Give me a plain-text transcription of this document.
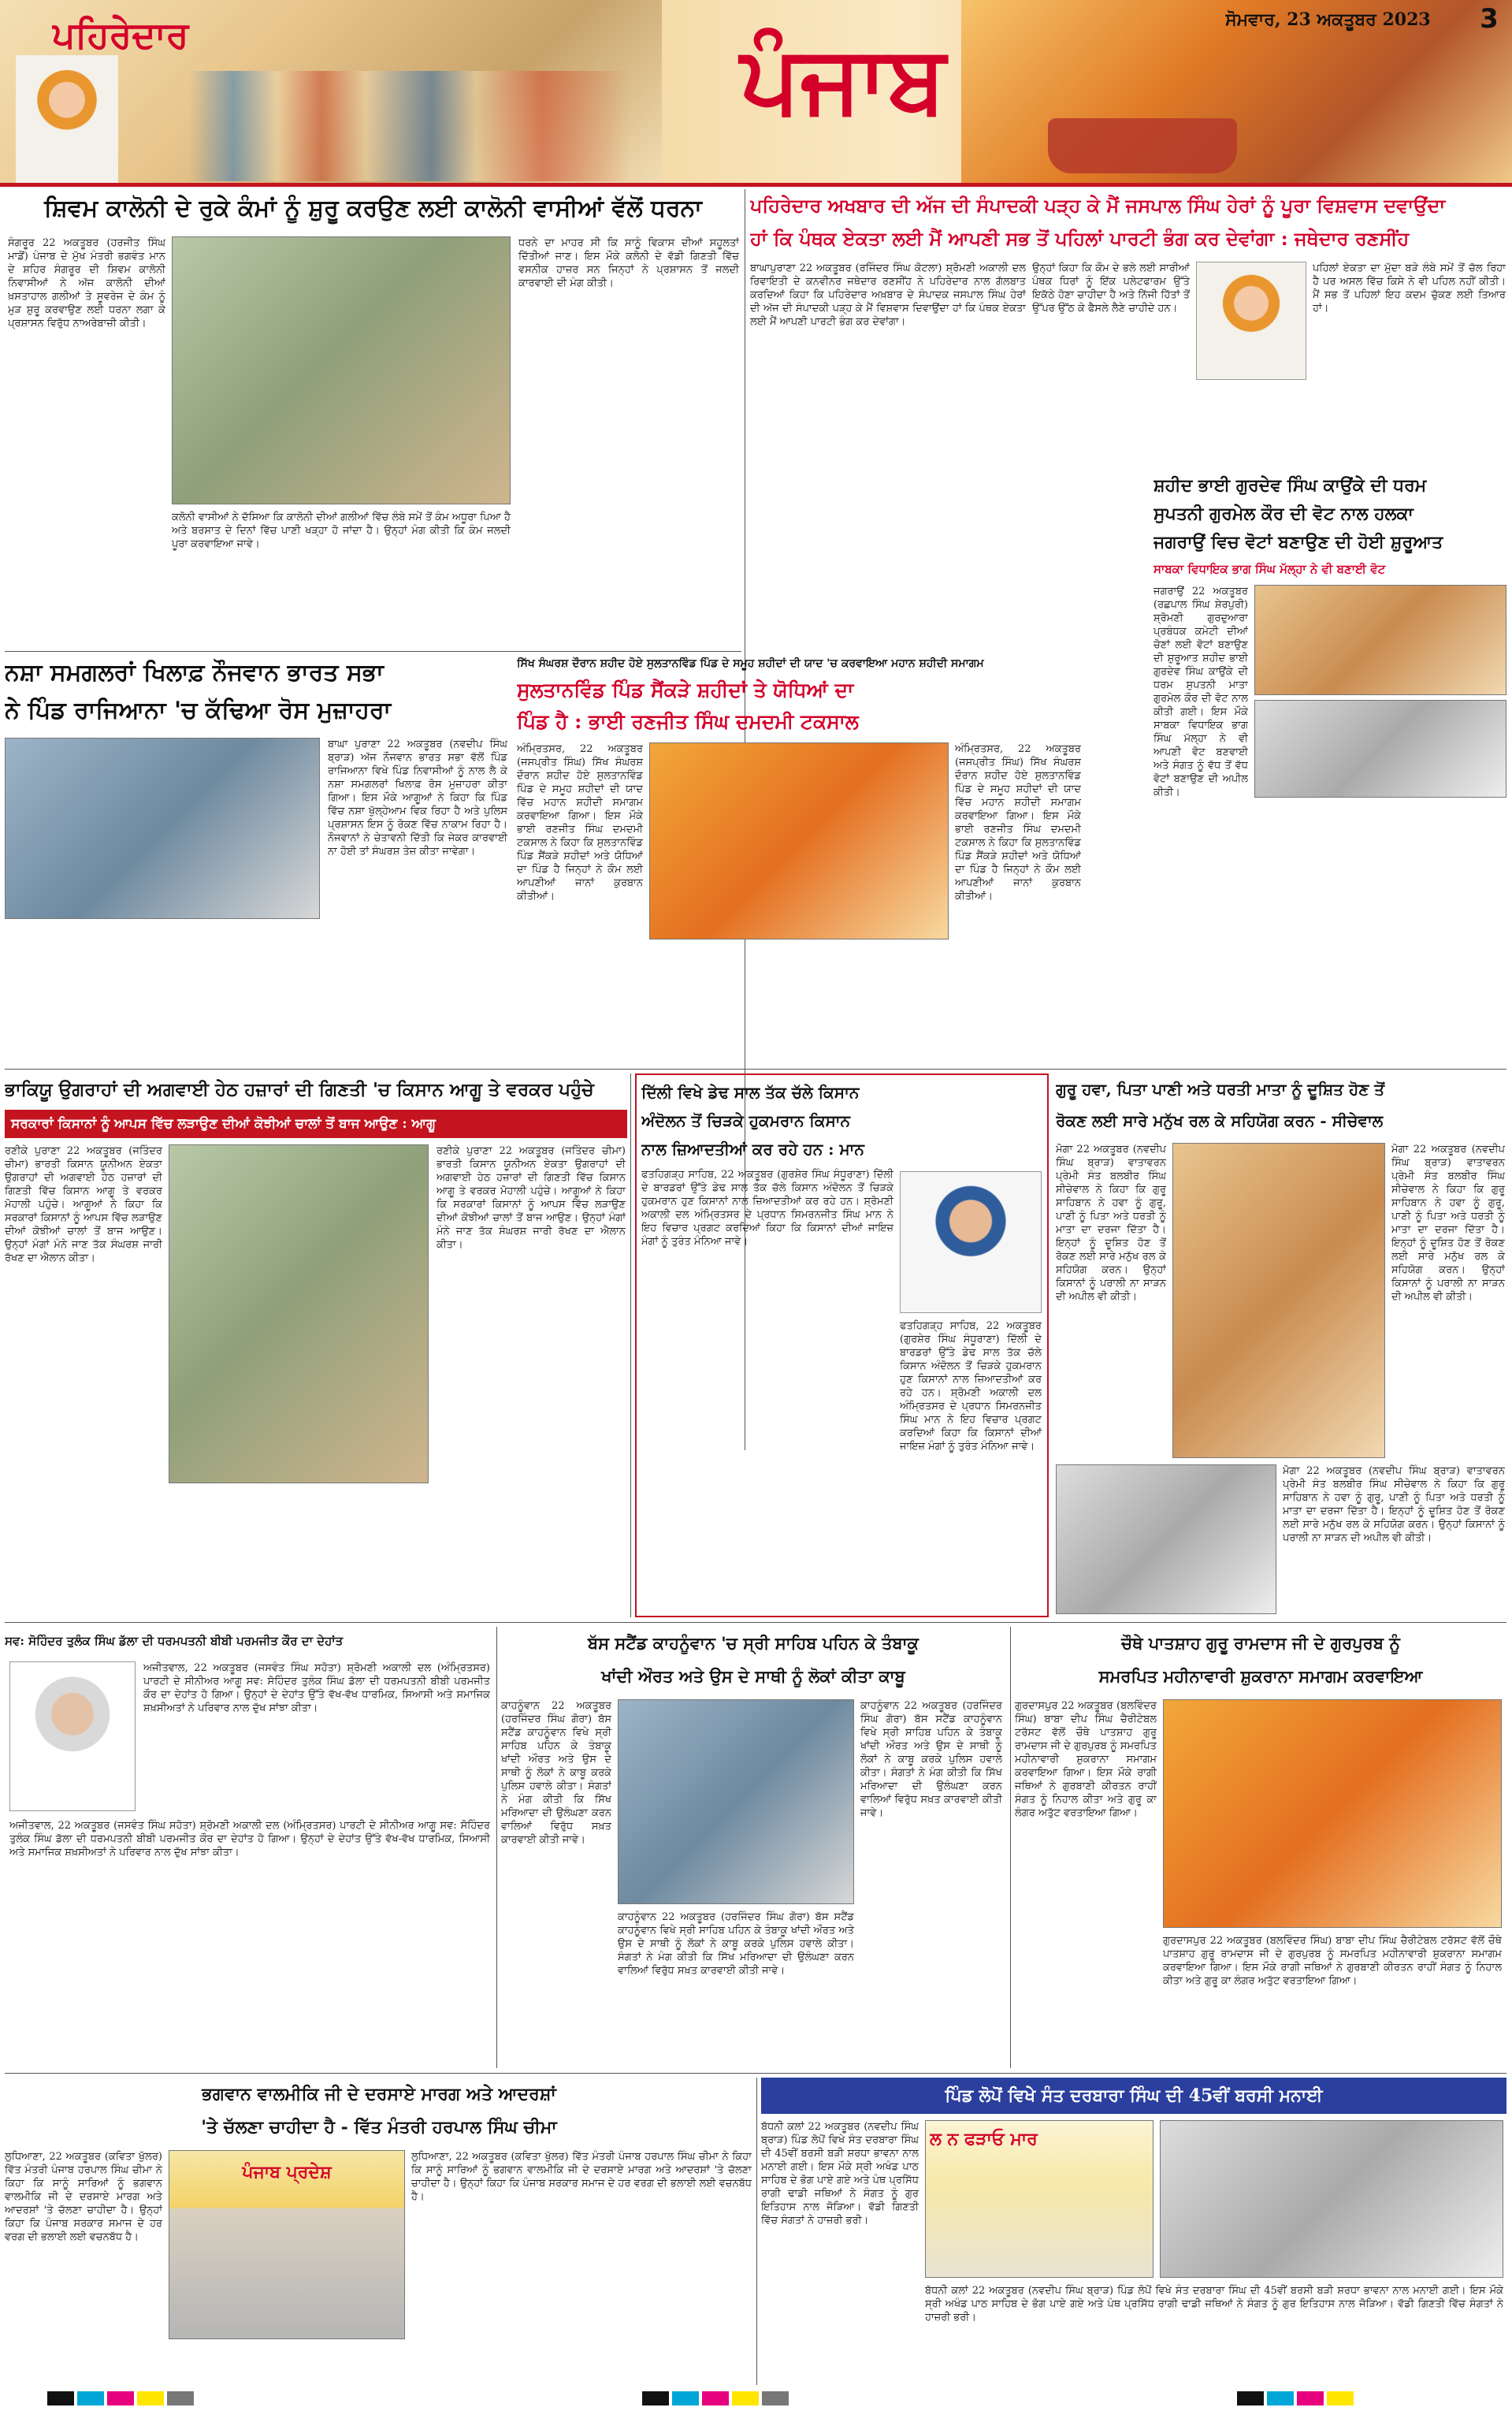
ਪਹਿਰੇਦਾਰ	ਪੰਜਾਬ
ਸੋਮਵਾਰ, 23 ਅਕਤੂਬਰ 2023	3
ਸ਼ਿਵਮ ਕਾਲੋਨੀ ਦੇ ਰੁਕੇ ਕੰਮਾਂ ਨੂੰ ਸ਼ੁਰੂ ਕਰਉਣ ਲਈ ਕਾਲੋਨੀ ਵਾਸੀਆਂ ਵੱਲੋਂ ਧਰਨਾ
ਸੰਗਰੂਰ 22 ਅਕਤੂਬਰ (ਹਰਜੀਤ ਸਿੰਘ ਮਾਡੋਂ) ਪੰਜਾਬ ਦੇ ਮੁੱਖ ਮੰਤਰੀ ਭਗਵੰਤ ਮਾਨ ਦੇ ਸ਼ਹਿਰ ਸੰਗਰੂਰ ਦੀ ਸ਼ਿਵਮ ਕਾਲੋਨੀ ਨਿਵਾਸੀਆਂ ਨੇ ਅੱਜ ਕਾਲੋਨੀ ਦੀਆਂ ਖ਼ਸਤਾਹਾਲ ਗਲੀਆਂ ਤੇ ਸੂਵਰੇਜ ਦੇ ਕੰਮ ਨੂੰ ਮੁੜ ਸ਼ੁਰੂ ਕਰਵਾਉਣ ਲਈ ਧਰਨਾ ਲਗਾ ਕੇ ਪ੍ਰਸ਼ਾਸਨ ਵਿਰੁੱਧ ਨਾਅਰੇਬਾਜ਼ੀ ਕੀਤੀ।
ਕਲੋਨੀ ਵਾਸੀਆਂ ਨੇ ਦੱਸਿਆ ਕਿ ਕਾਲੋਨੀ ਦੀਆਂ ਗਲੀਆਂ ਵਿੱਚ ਲੰਬੇ ਸਮੇਂ ਤੋਂ ਕੰਮ ਅਧੂਰਾ ਪਿਆ ਹੈ ਅਤੇ ਬਰਸਾਤ ਦੇ ਦਿਨਾਂ ਵਿੱਚ ਪਾਣੀ ਖੜ੍ਹਾ ਹੋ ਜਾਂਦਾ ਹੈ। ਉਨ੍ਹਾਂ ਮੰਗ ਕੀਤੀ ਕਿ ਕੰਮ ਜਲਦੀ ਪੂਰਾ ਕਰਵਾਇਆ ਜਾਵੇ।
ਧਰਨੇ ਦਾ ਮਾਹਰ ਸੀ ਕਿ ਸਾਨੂੰ ਵਿਕਾਸ ਦੀਆਂ ਸਹੂਲਤਾਂ ਦਿੱਤੀਆਂ ਜਾਣ। ਇਸ ਮੌਕੇ ਕਲੋਨੀ ਦੇ ਵੱਡੀ ਗਿਣਤੀ ਵਿੱਚ ਵਸਨੀਕ ਹਾਜ਼ਰ ਸਨ ਜਿਨ੍ਹਾਂ ਨੇ ਪ੍ਰਸ਼ਾਸਨ ਤੋਂ ਜਲਦੀ ਕਾਰਵਾਈ ਦੀ ਮੰਗ ਕੀਤੀ।
ਪਹਿਰੇਦਾਰ ਅਖਬਾਰ ਦੀ ਅੱਜ ਦੀ ਸੰਪਾਦਕੀ ਪੜ੍ਹ ਕੇ ਮੈਂ ਜਸਪਾਲ ਸਿੰਘ ਹੇਰਾਂ ਨੂੰ ਪੂਰਾ ਵਿਸ਼ਵਾਸ ਦਵਾਉਂਦਾ
ਹਾਂ ਕਿ ਪੰਥਕ ਏਕਤਾ ਲਈ ਮੈਂ ਆਪਣੀ ਸਭ ਤੋਂ ਪਹਿਲਾਂ ਪਾਰਟੀ ਭੰਗ ਕਰ ਦੇਵਾਂਗਾ : ਜਥੇਦਾਰ ਰਣਸੀਂਹ
ਬਾਘਾਪੁਰਾਣਾ 22 ਅਕਤੂਬਰ (ਰਜਿੰਦਰ ਸਿੰਘ ਕੋਟਲਾ) ਸ਼੍ਰੋਮਣੀ ਅਕਾਲੀ ਦਲ ਰਿਵਾਇਤੀ ਦੇ ਕਨਵੀਨਰ ਜਥੇਦਾਰ ਰਣਸੀਂਹ ਨੇ ਪਹਿਰੇਦਾਰ ਨਾਲ ਗੱਲਬਾਤ ਕਰਦਿਆਂ ਕਿਹਾ ਕਿ ਪਹਿਰੇਦਾਰ ਅਖ਼ਬਾਰ ਦੇ ਸੰਪਾਦਕ ਜਸਪਾਲ ਸਿੰਘ ਹੇਰਾਂ ਦੀ ਅੱਜ ਦੀ ਸੰਪਾਦਕੀ ਪੜ੍ਹ ਕੇ ਮੈਂ ਵਿਸ਼ਵਾਸ ਦਿਵਾਉਂਦਾ ਹਾਂ ਕਿ ਪੰਥਕ ਏਕਤਾ ਲਈ ਮੈਂ ਆਪਣੀ ਪਾਰਟੀ ਭੰਗ ਕਰ ਦੇਵਾਂਗਾ।
ਉਨ੍ਹਾਂ ਕਿਹਾ ਕਿ ਕੌਮ ਦੇ ਭਲੇ ਲਈ ਸਾਰੀਆਂ ਪੰਥਕ ਧਿਰਾਂ ਨੂੰ ਇੱਕ ਪਲੇਟਫਾਰਮ ਉੱਤੇ ਇਕੱਠੇ ਹੋਣਾ ਚਾਹੀਦਾ ਹੈ ਅਤੇ ਨਿੱਜੀ ਹਿੱਤਾਂ ਤੋਂ ਉੱਪਰ ਉੱਠ ਕੇ ਫੈਸਲੇ ਲੈਣੇ ਚਾਹੀਦੇ ਹਨ।
ਪਹਿਲਾਂ ਏਕਤਾ ਦਾ ਮੁੱਦਾ ਬੜੇ ਲੰਬੇ ਸਮੇਂ ਤੋਂ ਚੱਲ ਰਿਹਾ ਹੈ ਪਰ ਅਸਲ ਵਿੱਚ ਕਿਸੇ ਨੇ ਵੀ ਪਹਿਲ ਨਹੀਂ ਕੀਤੀ। ਮੈਂ ਸਭ ਤੋਂ ਪਹਿਲਾਂ ਇਹ ਕਦਮ ਚੁੱਕਣ ਲਈ ਤਿਆਰ ਹਾਂ।
ਸ਼ਹੀਦ ਭਾਈ ਗੁਰਦੇਵ ਸਿੰਘ ਕਾਉਂਕੇ ਦੀ ਧਰਮ
ਸੁਪਤਨੀ ਗੁਰਮੇਲ ਕੌਰ ਦੀ ਵੋਟ ਨਾਲ ਹਲਕਾ
ਜਗਰਾਉਂ ਵਿਚ ਵੋਟਾਂ ਬਣਾਉਣ ਦੀ ਹੋਈ ਸ਼ੁਰੂਆਤ
ਸਾਬਕਾ ਵਿਧਾਇਕ ਭਾਗ ਸਿੰਘ ਮੱਲ੍ਹਾ ਨੇ ਵੀ ਬਣਾਈ ਵੋਟ
ਜਗਰਾਉਂ 22 ਅਕਤੂਬਰ (ਰਛਪਾਲ ਸਿੰਘ ਸ਼ੇਰਪੁਰੀ) ਸ਼੍ਰੋਮਣੀ ਗੁਰਦੁਆਰਾ ਪ੍ਰਬੰਧਕ ਕਮੇਟੀ ਦੀਆਂ ਚੋਣਾਂ ਲਈ ਵੋਟਾਂ ਬਣਾਉਣ ਦੀ ਸ਼ੁਰੂਆਤ ਸ਼ਹੀਦ ਭਾਈ ਗੁਰਦੇਵ ਸਿੰਘ ਕਾਉਂਕੇ ਦੀ ਧਰਮ ਸੁਪਤਨੀ ਮਾਤਾ ਗੁਰਮੇਲ ਕੌਰ ਦੀ ਵੋਟ ਨਾਲ ਕੀਤੀ ਗਈ। ਇਸ ਮੌਕੇ ਸਾਬਕਾ ਵਿਧਾਇਕ ਭਾਗ ਸਿੰਘ ਮੱਲ੍ਹਾ ਨੇ ਵੀ ਆਪਣੀ ਵੋਟ ਬਣਵਾਈ ਅਤੇ ਸੰਗਤ ਨੂੰ ਵੱਧ ਤੋਂ ਵੱਧ ਵੋਟਾਂ ਬਣਾਉਣ ਦੀ ਅਪੀਲ ਕੀਤੀ।
ਨਸ਼ਾ ਸਮਗਲਰਾਂ ਖਿਲਾਫ਼ ਨੌਜਵਾਨ ਭਾਰਤ ਸਭਾ
ਨੇ ਪਿੰਡ ਰਾਜਿਆਨਾ 'ਚ ਕੱਢਿਆ ਰੋਸ ਮੁਜ਼ਾਹਰਾ
ਬਾਘਾ ਪੁਰਾਣਾ 22 ਅਕਤੂਬਰ (ਨਵਦੀਪ ਸਿੰਘ ਬ੍ਰਾੜ) ਅੱਜ ਨੌਜਵਾਨ ਭਾਰਤ ਸਭਾ ਵੱਲੋਂ ਪਿੰਡ ਰਾਜਿਆਨਾ ਵਿਖੇ ਪਿੰਡ ਨਿਵਾਸੀਆਂ ਨੂੰ ਨਾਲ ਲੈ ਕੇ ਨਸ਼ਾ ਸਮਗਲਰਾਂ ਖਿਲਾਫ਼ ਰੋਸ ਮੁਜ਼ਾਹਰਾ ਕੀਤਾ ਗਿਆ। ਇਸ ਮੌਕੇ ਆਗੂਆਂ ਨੇ ਕਿਹਾ ਕਿ ਪਿੰਡ ਵਿੱਚ ਨਸ਼ਾ ਖੁੱਲ੍ਹੇਆਮ ਵਿਕ ਰਿਹਾ ਹੈ ਅਤੇ ਪੁਲਿਸ ਪ੍ਰਸ਼ਾਸਨ ਇਸ ਨੂੰ ਰੋਕਣ ਵਿੱਚ ਨਾਕਾਮ ਰਿਹਾ ਹੈ। ਨੌਜਵਾਨਾਂ ਨੇ ਚੇਤਾਵਨੀ ਦਿੱਤੀ ਕਿ ਜੇਕਰ ਕਾਰਵਾਈ ਨਾ ਹੋਈ ਤਾਂ ਸੰਘਰਸ਼ ਤੇਜ਼ ਕੀਤਾ ਜਾਵੇਗਾ।
ਸਿੱਖ ਸੰਘਰਸ਼ ਦੌਰਾਨ ਸ਼ਹੀਦ ਹੋਏ ਸੁਲਤਾਨਵਿੰਡ ਪਿੰਡ ਦੇ ਸਮੂਹ ਸ਼ਹੀਦਾਂ ਦੀ ਯਾਦ 'ਚ ਕਰਵਾਇਆ ਮਹਾਨ ਸ਼ਹੀਦੀ ਸਮਾਗਮ
ਸੁਲਤਾਨਵਿੰਡ ਪਿੰਡ ਸੈਂਕੜੇ ਸ਼ਹੀਦਾਂ ਤੇ ਯੋਧਿਆਂ ਦਾ
ਪਿੰਡ ਹੈ : ਭਾਈ ਰਣਜੀਤ ਸਿੰਘ ਦਮਦਮੀ ਟਕਸਾਲ
ਅੰਮ੍ਰਿਤਸਰ, 22 ਅਕਤੂਬਰ (ਜਸਪ੍ਰੀਤ ਸਿੰਘ) ਸਿੱਖ ਸੰਘਰਸ਼ ਦੌਰਾਨ ਸ਼ਹੀਦ ਹੋਏ ਸੁਲਤਾਨਵਿੰਡ ਪਿੰਡ ਦੇ ਸਮੂਹ ਸ਼ਹੀਦਾਂ ਦੀ ਯਾਦ ਵਿੱਚ ਮਹਾਨ ਸ਼ਹੀਦੀ ਸਮਾਗਮ ਕਰਵਾਇਆ ਗਿਆ। ਇਸ ਮੌਕੇ ਭਾਈ ਰਣਜੀਤ ਸਿੰਘ ਦਮਦਮੀ ਟਕਸਾਲ ਨੇ ਕਿਹਾ ਕਿ ਸੁਲਤਾਨਵਿੰਡ ਪਿੰਡ ਸੈਂਕੜੇ ਸ਼ਹੀਦਾਂ ਅਤੇ ਯੋਧਿਆਂ ਦਾ ਪਿੰਡ ਹੈ ਜਿਨ੍ਹਾਂ ਨੇ ਕੌਮ ਲਈ ਆਪਣੀਆਂ ਜਾਨਾਂ ਕੁਰਬਾਨ ਕੀਤੀਆਂ।
ਅੰਮ੍ਰਿਤਸਰ, 22 ਅਕਤੂਬਰ (ਜਸਪ੍ਰੀਤ ਸਿੰਘ) ਸਿੱਖ ਸੰਘਰਸ਼ ਦੌਰਾਨ ਸ਼ਹੀਦ ਹੋਏ ਸੁਲਤਾਨਵਿੰਡ ਪਿੰਡ ਦੇ ਸਮੂਹ ਸ਼ਹੀਦਾਂ ਦੀ ਯਾਦ ਵਿੱਚ ਮਹਾਨ ਸ਼ਹੀਦੀ ਸਮਾਗਮ ਕਰਵਾਇਆ ਗਿਆ। ਇਸ ਮੌਕੇ ਭਾਈ ਰਣਜੀਤ ਸਿੰਘ ਦਮਦਮੀ ਟਕਸਾਲ ਨੇ ਕਿਹਾ ਕਿ ਸੁਲਤਾਨਵਿੰਡ ਪਿੰਡ ਸੈਂਕੜੇ ਸ਼ਹੀਦਾਂ ਅਤੇ ਯੋਧਿਆਂ ਦਾ ਪਿੰਡ ਹੈ ਜਿਨ੍ਹਾਂ ਨੇ ਕੌਮ ਲਈ ਆਪਣੀਆਂ ਜਾਨਾਂ ਕੁਰਬਾਨ ਕੀਤੀਆਂ।
ਭਾਕਿਯੂ ਉਗਰਾਹਾਂ ਦੀ ਅਗਵਾਈ ਹੇਠ ਹਜ਼ਾਰਾਂ ਦੀ ਗਿਣਤੀ 'ਚ ਕਿਸਾਨ ਆਗੂ ਤੇ ਵਰਕਰ ਪਹੁੰਚੇ
ਸਰਕਾਰਾਂ ਕਿਸਾਨਾਂ ਨੂੰ ਆਪਸ ਵਿੱਚ ਲੜਾਉਣ ਦੀਆਂ ਕੋਝੀਆਂ ਚਾਲਾਂ ਤੋਂ ਬਾਜ ਆਉਣ : ਆਗੂ
ਰਣੀਕੇ ਪੁਰਾਣਾ 22 ਅਕਤੂਬਰ (ਜਤਿੰਦਰ ਚੀਮਾ) ਭਾਰਤੀ ਕਿਸਾਨ ਯੂਨੀਅਨ ਏਕਤਾ ਉਗਰਾਹਾਂ ਦੀ ਅਗਵਾਈ ਹੇਠ ਹਜ਼ਾਰਾਂ ਦੀ ਗਿਣਤੀ ਵਿੱਚ ਕਿਸਾਨ ਆਗੂ ਤੇ ਵਰਕਰ ਮੋਹਾਲੀ ਪਹੁੰਚੇ। ਆਗੂਆਂ ਨੇ ਕਿਹਾ ਕਿ ਸਰਕਾਰਾਂ ਕਿਸਾਨਾਂ ਨੂੰ ਆਪਸ ਵਿੱਚ ਲੜਾਉਣ ਦੀਆਂ ਕੋਝੀਆਂ ਚਾਲਾਂ ਤੋਂ ਬਾਜ ਆਉਣ। ਉਨ੍ਹਾਂ ਮੰਗਾਂ ਮੰਨੇ ਜਾਣ ਤੱਕ ਸੰਘਰਸ਼ ਜਾਰੀ ਰੱਖਣ ਦਾ ਐਲਾਨ ਕੀਤਾ।
ਰਣੀਕੇ ਪੁਰਾਣਾ 22 ਅਕਤੂਬਰ (ਜਤਿੰਦਰ ਚੀਮਾ) ਭਾਰਤੀ ਕਿਸਾਨ ਯੂਨੀਅਨ ਏਕਤਾ ਉਗਰਾਹਾਂ ਦੀ ਅਗਵਾਈ ਹੇਠ ਹਜ਼ਾਰਾਂ ਦੀ ਗਿਣਤੀ ਵਿੱਚ ਕਿਸਾਨ ਆਗੂ ਤੇ ਵਰਕਰ ਮੋਹਾਲੀ ਪਹੁੰਚੇ। ਆਗੂਆਂ ਨੇ ਕਿਹਾ ਕਿ ਸਰਕਾਰਾਂ ਕਿਸਾਨਾਂ ਨੂੰ ਆਪਸ ਵਿੱਚ ਲੜਾਉਣ ਦੀਆਂ ਕੋਝੀਆਂ ਚਾਲਾਂ ਤੋਂ ਬਾਜ ਆਉਣ। ਉਨ੍ਹਾਂ ਮੰਗਾਂ ਮੰਨੇ ਜਾਣ ਤੱਕ ਸੰਘਰਸ਼ ਜਾਰੀ ਰੱਖਣ ਦਾ ਐਲਾਨ ਕੀਤਾ।
ਦਿੱਲੀ ਵਿਖੇ ਡੇਢ ਸਾਲ ਤੱਕ ਚੱਲੇ ਕਿਸਾਨ
ਅੰਦੋਲਨ ਤੋਂ ਚਿੜਕੇ ਹੁਕਮਰਾਨ ਕਿਸਾਨ
ਨਾਲ ਜ਼ਿਆਦਤੀਆਂ ਕਰ ਰਹੇ ਹਨ : ਮਾਨ
ਫਤਹਿਗੜ੍ਹ ਸਾਹਿਬ, 22 ਅਕਤੂਬਰ (ਗੁਰਸ਼ੇਰ ਸਿੰਘ ਸੰਧੂਰਾਣਾ) ਦਿੱਲੀ ਦੇ ਬਾਰਡਰਾਂ ਉੱਤੇ ਡੇਢ ਸਾਲ ਤੱਕ ਚੱਲੇ ਕਿਸਾਨ ਅੰਦੋਲਨ ਤੋਂ ਚਿੜਕੇ ਹੁਕਮਰਾਨ ਹੁਣ ਕਿਸਾਨਾਂ ਨਾਲ ਜ਼ਿਆਦਤੀਆਂ ਕਰ ਰਹੇ ਹਨ। ਸ਼੍ਰੋਮਣੀ ਅਕਾਲੀ ਦਲ ਅੰਮ੍ਰਿਤਸਰ ਦੇ ਪ੍ਰਧਾਨ ਸਿਮਰਨਜੀਤ ਸਿੰਘ ਮਾਨ ਨੇ ਇਹ ਵਿਚਾਰ ਪ੍ਰਗਟ ਕਰਦਿਆਂ ਕਿਹਾ ਕਿ ਕਿਸਾਨਾਂ ਦੀਆਂ ਜਾਇਜ਼ ਮੰਗਾਂ ਨੂੰ ਤੁਰੰਤ ਮੰਨਿਆ ਜਾਵੇ।
ਫਤਹਿਗੜ੍ਹ ਸਾਹਿਬ, 22 ਅਕਤੂਬਰ (ਗੁਰਸ਼ੇਰ ਸਿੰਘ ਸੰਧੂਰਾਣਾ) ਦਿੱਲੀ ਦੇ ਬਾਰਡਰਾਂ ਉੱਤੇ ਡੇਢ ਸਾਲ ਤੱਕ ਚੱਲੇ ਕਿਸਾਨ ਅੰਦੋਲਨ ਤੋਂ ਚਿੜਕੇ ਹੁਕਮਰਾਨ ਹੁਣ ਕਿਸਾਨਾਂ ਨਾਲ ਜ਼ਿਆਦਤੀਆਂ ਕਰ ਰਹੇ ਹਨ। ਸ਼੍ਰੋਮਣੀ ਅਕਾਲੀ ਦਲ ਅੰਮ੍ਰਿਤਸਰ ਦੇ ਪ੍ਰਧਾਨ ਸਿਮਰਨਜੀਤ ਸਿੰਘ ਮਾਨ ਨੇ ਇਹ ਵਿਚਾਰ ਪ੍ਰਗਟ ਕਰਦਿਆਂ ਕਿਹਾ ਕਿ ਕਿਸਾਨਾਂ ਦੀਆਂ ਜਾਇਜ਼ ਮੰਗਾਂ ਨੂੰ ਤੁਰੰਤ ਮੰਨਿਆ ਜਾਵੇ।
ਗੁਰੂ ਹਵਾ, ਪਿਤਾ ਪਾਣੀ ਅਤੇ ਧਰਤੀ ਮਾਤਾ ਨੂੰ ਦੂਸ਼ਿਤ ਹੋਣ ਤੋਂ
ਰੋਕਣ ਲਈ ਸਾਰੇ ਮਨੁੱਖ ਰਲ ਕੇ ਸਹਿਯੋਗ ਕਰਨ - ਸੀਚੇਵਾਲ
ਮੋਗਾ 22 ਅਕਤੂਬਰ (ਨਵਦੀਪ ਸਿੰਘ ਬ੍ਰਾੜ) ਵਾਤਾਵਰਨ ਪ੍ਰੇਮੀ ਸੰਤ ਬਲਬੀਰ ਸਿੰਘ ਸੀਚੇਵਾਲ ਨੇ ਕਿਹਾ ਕਿ ਗੁਰੂ ਸਾਹਿਬਾਨ ਨੇ ਹਵਾ ਨੂੰ ਗੁਰੂ, ਪਾਣੀ ਨੂੰ ਪਿਤਾ ਅਤੇ ਧਰਤੀ ਨੂੰ ਮਾਤਾ ਦਾ ਦਰਜਾ ਦਿੱਤਾ ਹੈ। ਇਨ੍ਹਾਂ ਨੂੰ ਦੂਸ਼ਿਤ ਹੋਣ ਤੋਂ ਰੋਕਣ ਲਈ ਸਾਰੇ ਮਨੁੱਖ ਰਲ ਕੇ ਸਹਿਯੋਗ ਕਰਨ। ਉਨ੍ਹਾਂ ਕਿਸਾਨਾਂ ਨੂੰ ਪਰਾਲੀ ਨਾ ਸਾੜਨ ਦੀ ਅਪੀਲ ਵੀ ਕੀਤੀ।
ਮੋਗਾ 22 ਅਕਤੂਬਰ (ਨਵਦੀਪ ਸਿੰਘ ਬ੍ਰਾੜ) ਵਾਤਾਵਰਨ ਪ੍ਰੇਮੀ ਸੰਤ ਬਲਬੀਰ ਸਿੰਘ ਸੀਚੇਵਾਲ ਨੇ ਕਿਹਾ ਕਿ ਗੁਰੂ ਸਾਹਿਬਾਨ ਨੇ ਹਵਾ ਨੂੰ ਗੁਰੂ, ਪਾਣੀ ਨੂੰ ਪਿਤਾ ਅਤੇ ਧਰਤੀ ਨੂੰ ਮਾਤਾ ਦਾ ਦਰਜਾ ਦਿੱਤਾ ਹੈ। ਇਨ੍ਹਾਂ ਨੂੰ ਦੂਸ਼ਿਤ ਹੋਣ ਤੋਂ ਰੋਕਣ ਲਈ ਸਾਰੇ ਮਨੁੱਖ ਰਲ ਕੇ ਸਹਿਯੋਗ ਕਰਨ। ਉਨ੍ਹਾਂ ਕਿਸਾਨਾਂ ਨੂੰ ਪਰਾਲੀ ਨਾ ਸਾੜਨ ਦੀ ਅਪੀਲ ਵੀ ਕੀਤੀ।
ਮੋਗਾ 22 ਅਕਤੂਬਰ (ਨਵਦੀਪ ਸਿੰਘ ਬ੍ਰਾੜ) ਵਾਤਾਵਰਨ ਪ੍ਰੇਮੀ ਸੰਤ ਬਲਬੀਰ ਸਿੰਘ ਸੀਚੇਵਾਲ ਨੇ ਕਿਹਾ ਕਿ ਗੁਰੂ ਸਾਹਿਬਾਨ ਨੇ ਹਵਾ ਨੂੰ ਗੁਰੂ, ਪਾਣੀ ਨੂੰ ਪਿਤਾ ਅਤੇ ਧਰਤੀ ਨੂੰ ਮਾਤਾ ਦਾ ਦਰਜਾ ਦਿੱਤਾ ਹੈ। ਇਨ੍ਹਾਂ ਨੂੰ ਦੂਸ਼ਿਤ ਹੋਣ ਤੋਂ ਰੋਕਣ ਲਈ ਸਾਰੇ ਮਨੁੱਖ ਰਲ ਕੇ ਸਹਿਯੋਗ ਕਰਨ। ਉਨ੍ਹਾਂ ਕਿਸਾਨਾਂ ਨੂੰ ਪਰਾਲੀ ਨਾ ਸਾੜਨ ਦੀ ਅਪੀਲ ਵੀ ਕੀਤੀ।
ਸਵ: ਸੋਹਿੰਦਰ ਤੁਲੰਕ ਸਿੰਘ ਡੱਲਾ ਦੀ ਧਰਮਪਤਨੀ ਬੀਬੀ ਪਰਮਜੀਤ ਕੌਰ ਦਾ ਦੇਹਾਂਤ
ਅਜੀਤਵਾਲ, 22 ਅਕਤੂਬਰ (ਜਸਵੰਤ ਸਿੰਘ ਸਹੋਤਾ) ਸ਼੍ਰੋਮਣੀ ਅਕਾਲੀ ਦਲ (ਅੰਮ੍ਰਿਤਸਰ) ਪਾਰਟੀ ਦੇ ਸੀਨੀਅਰ ਆਗੂ ਸਵ: ਸੋਹਿੰਦਰ ਤੁਲੰਕ ਸਿੰਘ ਡੱਲਾ ਦੀ ਧਰਮਪਤਨੀ ਬੀਬੀ ਪਰਮਜੀਤ ਕੌਰ ਦਾ ਦੇਹਾਂਤ ਹੋ ਗਿਆ। ਉਨ੍ਹਾਂ ਦੇ ਦੇਹਾਂਤ ਉੱਤੇ ਵੱਖ-ਵੱਖ ਧਾਰਮਿਕ, ਸਿਆਸੀ ਅਤੇ ਸਮਾਜਿਕ ਸ਼ਖ਼ਸੀਅਤਾਂ ਨੇ ਪਰਿਵਾਰ ਨਾਲ ਦੁੱਖ ਸਾਂਝਾ ਕੀਤਾ।
ਅਜੀਤਵਾਲ, 22 ਅਕਤੂਬਰ (ਜਸਵੰਤ ਸਿੰਘ ਸਹੋਤਾ) ਸ਼੍ਰੋਮਣੀ ਅਕਾਲੀ ਦਲ (ਅੰਮ੍ਰਿਤਸਰ) ਪਾਰਟੀ ਦੇ ਸੀਨੀਅਰ ਆਗੂ ਸਵ: ਸੋਹਿੰਦਰ ਤੁਲੰਕ ਸਿੰਘ ਡੱਲਾ ਦੀ ਧਰਮਪਤਨੀ ਬੀਬੀ ਪਰਮਜੀਤ ਕੌਰ ਦਾ ਦੇਹਾਂਤ ਹੋ ਗਿਆ। ਉਨ੍ਹਾਂ ਦੇ ਦੇਹਾਂਤ ਉੱਤੇ ਵੱਖ-ਵੱਖ ਧਾਰਮਿਕ, ਸਿਆਸੀ ਅਤੇ ਸਮਾਜਿਕ ਸ਼ਖ਼ਸੀਅਤਾਂ ਨੇ ਪਰਿਵਾਰ ਨਾਲ ਦੁੱਖ ਸਾਂਝਾ ਕੀਤਾ।
ਬੱਸ ਸਟੈਂਡ ਕਾਹਨੂੰਵਾਨ 'ਚ ਸ੍ਰੀ ਸਾਹਿਬ ਪਹਿਨ ਕੇ ਤੰਬਾਕੂ
ਖਾਂਦੀ ਔਰਤ ਅਤੇ ਉਸ ਦੇ ਸਾਥੀ ਨੂੰ ਲੋਕਾਂ ਕੀਤਾ ਕਾਬੂ
ਕਾਹਨੂੰਵਾਨ 22 ਅਕਤੂਬਰ (ਹਰਜਿੰਦਰ ਸਿੰਘ ਗੋਰਾ) ਬੱਸ ਸਟੈਂਡ ਕਾਹਨੂੰਵਾਨ ਵਿਖੇ ਸ੍ਰੀ ਸਾਹਿਬ ਪਹਿਨ ਕੇ ਤੰਬਾਕੂ ਖਾਂਦੀ ਔਰਤ ਅਤੇ ਉਸ ਦੇ ਸਾਥੀ ਨੂੰ ਲੋਕਾਂ ਨੇ ਕਾਬੂ ਕਰਕੇ ਪੁਲਿਸ ਹਵਾਲੇ ਕੀਤਾ। ਸੰਗਤਾਂ ਨੇ ਮੰਗ ਕੀਤੀ ਕਿ ਸਿੱਖ ਮਰਿਆਦਾ ਦੀ ਉਲੰਘਣਾ ਕਰਨ ਵਾਲਿਆਂ ਵਿਰੁੱਧ ਸਖ਼ਤ ਕਾਰਵਾਈ ਕੀਤੀ ਜਾਵੇ।
ਕਾਹਨੂੰਵਾਨ 22 ਅਕਤੂਬਰ (ਹਰਜਿੰਦਰ ਸਿੰਘ ਗੋਰਾ) ਬੱਸ ਸਟੈਂਡ ਕਾਹਨੂੰਵਾਨ ਵਿਖੇ ਸ੍ਰੀ ਸਾਹਿਬ ਪਹਿਨ ਕੇ ਤੰਬਾਕੂ ਖਾਂਦੀ ਔਰਤ ਅਤੇ ਉਸ ਦੇ ਸਾਥੀ ਨੂੰ ਲੋਕਾਂ ਨੇ ਕਾਬੂ ਕਰਕੇ ਪੁਲਿਸ ਹਵਾਲੇ ਕੀਤਾ। ਸੰਗਤਾਂ ਨੇ ਮੰਗ ਕੀਤੀ ਕਿ ਸਿੱਖ ਮਰਿਆਦਾ ਦੀ ਉਲੰਘਣਾ ਕਰਨ ਵਾਲਿਆਂ ਵਿਰੁੱਧ ਸਖ਼ਤ ਕਾਰਵਾਈ ਕੀਤੀ ਜਾਵੇ।
ਕਾਹਨੂੰਵਾਨ 22 ਅਕਤੂਬਰ (ਹਰਜਿੰਦਰ ਸਿੰਘ ਗੋਰਾ) ਬੱਸ ਸਟੈਂਡ ਕਾਹਨੂੰਵਾਨ ਵਿਖੇ ਸ੍ਰੀ ਸਾਹਿਬ ਪਹਿਨ ਕੇ ਤੰਬਾਕੂ ਖਾਂਦੀ ਔਰਤ ਅਤੇ ਉਸ ਦੇ ਸਾਥੀ ਨੂੰ ਲੋਕਾਂ ਨੇ ਕਾਬੂ ਕਰਕੇ ਪੁਲਿਸ ਹਵਾਲੇ ਕੀਤਾ। ਸੰਗਤਾਂ ਨੇ ਮੰਗ ਕੀਤੀ ਕਿ ਸਿੱਖ ਮਰਿਆਦਾ ਦੀ ਉਲੰਘਣਾ ਕਰਨ ਵਾਲਿਆਂ ਵਿਰੁੱਧ ਸਖ਼ਤ ਕਾਰਵਾਈ ਕੀਤੀ ਜਾਵੇ।
ਚੌਥੇ ਪਾਤਸ਼ਾਹ ਗੁਰੂ ਰਾਮਦਾਸ ਜੀ ਦੇ ਗੁਰਪੁਰਬ ਨੂੰ
ਸਮਰਪਿਤ ਮਹੀਨਾਵਾਰੀ ਸ਼ੁਕਰਾਨਾ ਸਮਾਗਮ ਕਰਵਾਇਆ
ਗੁਰਦਾਸਪੁਰ 22 ਅਕਤੂਬਰ (ਬਲਵਿੰਦਰ ਸਿੰਘ) ਬਾਬਾ ਦੀਪ ਸਿੰਘ ਚੈਰੀਟੇਬਲ ਟਰੱਸਟ ਵੱਲੋਂ ਚੌਥੇ ਪਾਤਸ਼ਾਹ ਗੁਰੂ ਰਾਮਦਾਸ ਜੀ ਦੇ ਗੁਰਪੁਰਬ ਨੂੰ ਸਮਰਪਿਤ ਮਹੀਨਾਵਾਰੀ ਸ਼ੁਕਰਾਨਾ ਸਮਾਗਮ ਕਰਵਾਇਆ ਗਿਆ। ਇਸ ਮੌਕੇ ਰਾਗੀ ਜਥਿਆਂ ਨੇ ਗੁਰਬਾਣੀ ਕੀਰਤਨ ਰਾਹੀਂ ਸੰਗਤ ਨੂੰ ਨਿਹਾਲ ਕੀਤਾ ਅਤੇ ਗੁਰੂ ਕਾ ਲੰਗਰ ਅਤੁੱਟ ਵਰਤਾਇਆ ਗਿਆ।
ਗੁਰਦਾਸਪੁਰ 22 ਅਕਤੂਬਰ (ਬਲਵਿੰਦਰ ਸਿੰਘ) ਬਾਬਾ ਦੀਪ ਸਿੰਘ ਚੈਰੀਟੇਬਲ ਟਰੱਸਟ ਵੱਲੋਂ ਚੌਥੇ ਪਾਤਸ਼ਾਹ ਗੁਰੂ ਰਾਮਦਾਸ ਜੀ ਦੇ ਗੁਰਪੁਰਬ ਨੂੰ ਸਮਰਪਿਤ ਮਹੀਨਾਵਾਰੀ ਸ਼ੁਕਰਾਨਾ ਸਮਾਗਮ ਕਰਵਾਇਆ ਗਿਆ। ਇਸ ਮੌਕੇ ਰਾਗੀ ਜਥਿਆਂ ਨੇ ਗੁਰਬਾਣੀ ਕੀਰਤਨ ਰਾਹੀਂ ਸੰਗਤ ਨੂੰ ਨਿਹਾਲ ਕੀਤਾ ਅਤੇ ਗੁਰੂ ਕਾ ਲੰਗਰ ਅਤੁੱਟ ਵਰਤਾਇਆ ਗਿਆ।
ਭਗਵਾਨ ਵਾਲਮੀਕਿ ਜੀ ਦੇ ਦਰਸਾਏ ਮਾਰਗ ਅਤੇ ਆਦਰਸ਼ਾਂ
'ਤੇ ਚੱਲਣਾ ਚਾਹੀਦਾ ਹੈ - ਵਿੱਤ ਮੰਤਰੀ ਹਰਪਾਲ ਸਿੰਘ ਚੀਮਾ
ਲੁਧਿਆਣਾ, 22 ਅਕਤੂਬਰ (ਕਵਿਤਾ ਖੁੱਲਰ) ਵਿੱਤ ਮੰਤਰੀ ਪੰਜਾਬ ਹਰਪਾਲ ਸਿੰਘ ਚੀਮਾ ਨੇ ਕਿਹਾ ਕਿ ਸਾਨੂੰ ਸਾਰਿਆਂ ਨੂੰ ਭਗਵਾਨ ਵਾਲਮੀਕਿ ਜੀ ਦੇ ਦਰਸਾਏ ਮਾਰਗ ਅਤੇ ਆਦਰਸ਼ਾਂ 'ਤੇ ਚੱਲਣਾ ਚਾਹੀਦਾ ਹੈ। ਉਨ੍ਹਾਂ ਕਿਹਾ ਕਿ ਪੰਜਾਬ ਸਰਕਾਰ ਸਮਾਜ ਦੇ ਹਰ ਵਰਗ ਦੀ ਭਲਾਈ ਲਈ ਵਚਨਬੱਧ ਹੈ।
ਪੰਜਾਬ ਪ੍ਰਦੇਸ਼
ਲੁਧਿਆਣਾ, 22 ਅਕਤੂਬਰ (ਕਵਿਤਾ ਖੁੱਲਰ) ਵਿੱਤ ਮੰਤਰੀ ਪੰਜਾਬ ਹਰਪਾਲ ਸਿੰਘ ਚੀਮਾ ਨੇ ਕਿਹਾ ਕਿ ਸਾਨੂੰ ਸਾਰਿਆਂ ਨੂੰ ਭਗਵਾਨ ਵਾਲਮੀਕਿ ਜੀ ਦੇ ਦਰਸਾਏ ਮਾਰਗ ਅਤੇ ਆਦਰਸ਼ਾਂ 'ਤੇ ਚੱਲਣਾ ਚਾਹੀਦਾ ਹੈ। ਉਨ੍ਹਾਂ ਕਿਹਾ ਕਿ ਪੰਜਾਬ ਸਰਕਾਰ ਸਮਾਜ ਦੇ ਹਰ ਵਰਗ ਦੀ ਭਲਾਈ ਲਈ ਵਚਨਬੱਧ ਹੈ।
ਪਿੰਡ ਲੋਪੋਂ ਵਿਖੇ ਸੰਤ ਦਰਬਾਰਾ ਸਿੰਘ ਦੀ 45ਵੀਂ ਬਰਸੀ ਮਨਾਈ
ਬੱਧਨੀ ਕਲਾਂ 22 ਅਕਤੂਬਰ (ਨਵਦੀਪ ਸਿੰਘ ਬ੍ਰਾੜ) ਪਿੰਡ ਲੋਪੋਂ ਵਿਖੇ ਸੰਤ ਦਰਬਾਰਾ ਸਿੰਘ ਦੀ 45ਵੀਂ ਬਰਸੀ ਬੜੀ ਸ਼ਰਧਾ ਭਾਵਨਾ ਨਾਲ ਮਨਾਈ ਗਈ। ਇਸ ਮੌਕੇ ਸ੍ਰੀ ਅਖੰਡ ਪਾਠ ਸਾਹਿਬ ਦੇ ਭੋਗ ਪਾਏ ਗਏ ਅਤੇ ਪੰਥ ਪ੍ਰਸਿੱਧ ਰਾਗੀ ਢਾਡੀ ਜਥਿਆਂ ਨੇ ਸੰਗਤ ਨੂੰ ਗੁਰ ਇਤਿਹਾਸ ਨਾਲ ਜੋੜਿਆ। ਵੱਡੀ ਗਿਣਤੀ ਵਿੱਚ ਸੰਗਤਾਂ ਨੇ ਹਾਜ਼ਰੀ ਭਰੀ।
ਲ ਨ ਫੜਾਓ ਮਾਰ
ਬੱਧਨੀ ਕਲਾਂ 22 ਅਕਤੂਬਰ (ਨਵਦੀਪ ਸਿੰਘ ਬ੍ਰਾੜ) ਪਿੰਡ ਲੋਪੋਂ ਵਿਖੇ ਸੰਤ ਦਰਬਾਰਾ ਸਿੰਘ ਦੀ 45ਵੀਂ ਬਰਸੀ ਬੜੀ ਸ਼ਰਧਾ ਭਾਵਨਾ ਨਾਲ ਮਨਾਈ ਗਈ। ਇਸ ਮੌਕੇ ਸ੍ਰੀ ਅਖੰਡ ਪਾਠ ਸਾਹਿਬ ਦੇ ਭੋਗ ਪਾਏ ਗਏ ਅਤੇ ਪੰਥ ਪ੍ਰਸਿੱਧ ਰਾਗੀ ਢਾਡੀ ਜਥਿਆਂ ਨੇ ਸੰਗਤ ਨੂੰ ਗੁਰ ਇਤਿਹਾਸ ਨਾਲ ਜੋੜਿਆ। ਵੱਡੀ ਗਿਣਤੀ ਵਿੱਚ ਸੰਗਤਾਂ ਨੇ ਹਾਜ਼ਰੀ ਭਰੀ।
